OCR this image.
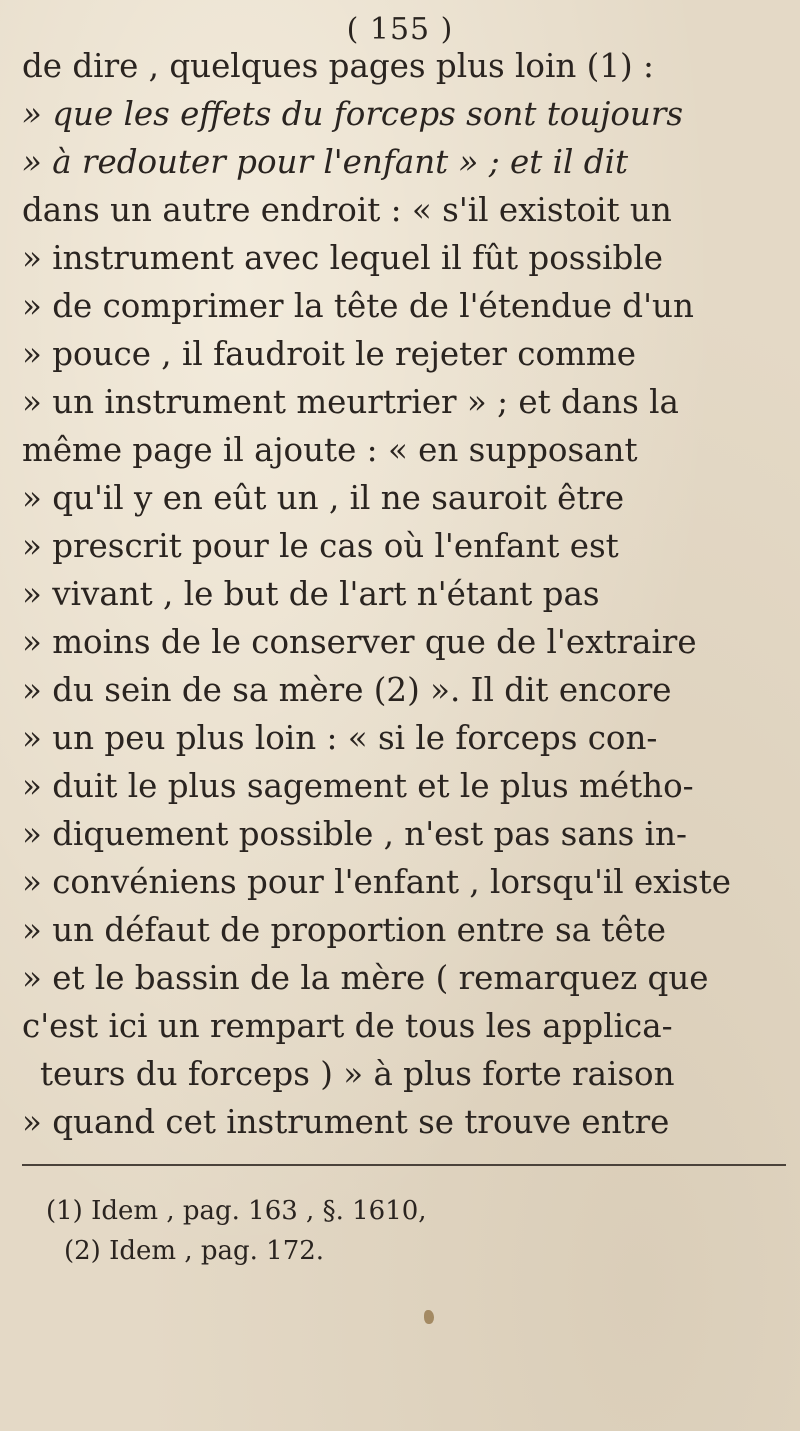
( 155 )
de dire , quelques pages plus loin (1) :
» que les effets du forceps sont toujours
» à redouter pour l'enfant » ; et il dit
dans un autre endroit : « s'il existoit un
» instrument avec lequel il fût possible
» de comprimer la tête de l'étendue d'un
» pouce , il faudroit le rejeter comme
» un instrument meurtrier » ; et dans la
même page il ajoute : « en supposant
» qu'il y en eût un , il ne sauroit être
» prescrit pour le cas où l'enfant est
» vivant , le but de l'art n'étant pas
» moins de le conserver que de l'extraire
» du sein de sa mère (2) ». Il dit encore
» un peu plus loin : « si le forceps con-
» duit le plus sagement et le plus métho-
» diquement possible , n'est pas sans in-
» convéniens pour l'enfant , lorsqu'il existe
» un défaut de proportion entre sa tête
» et le bassin de la mère ( remarquez que
c'est ici un rempart de tous les applica-
teurs du forceps ) » à plus forte raison
» quand cet instrument se trouve entre
(1) Idem , pag. 163 , §. 1610,
(2) Idem , pag. 172.
